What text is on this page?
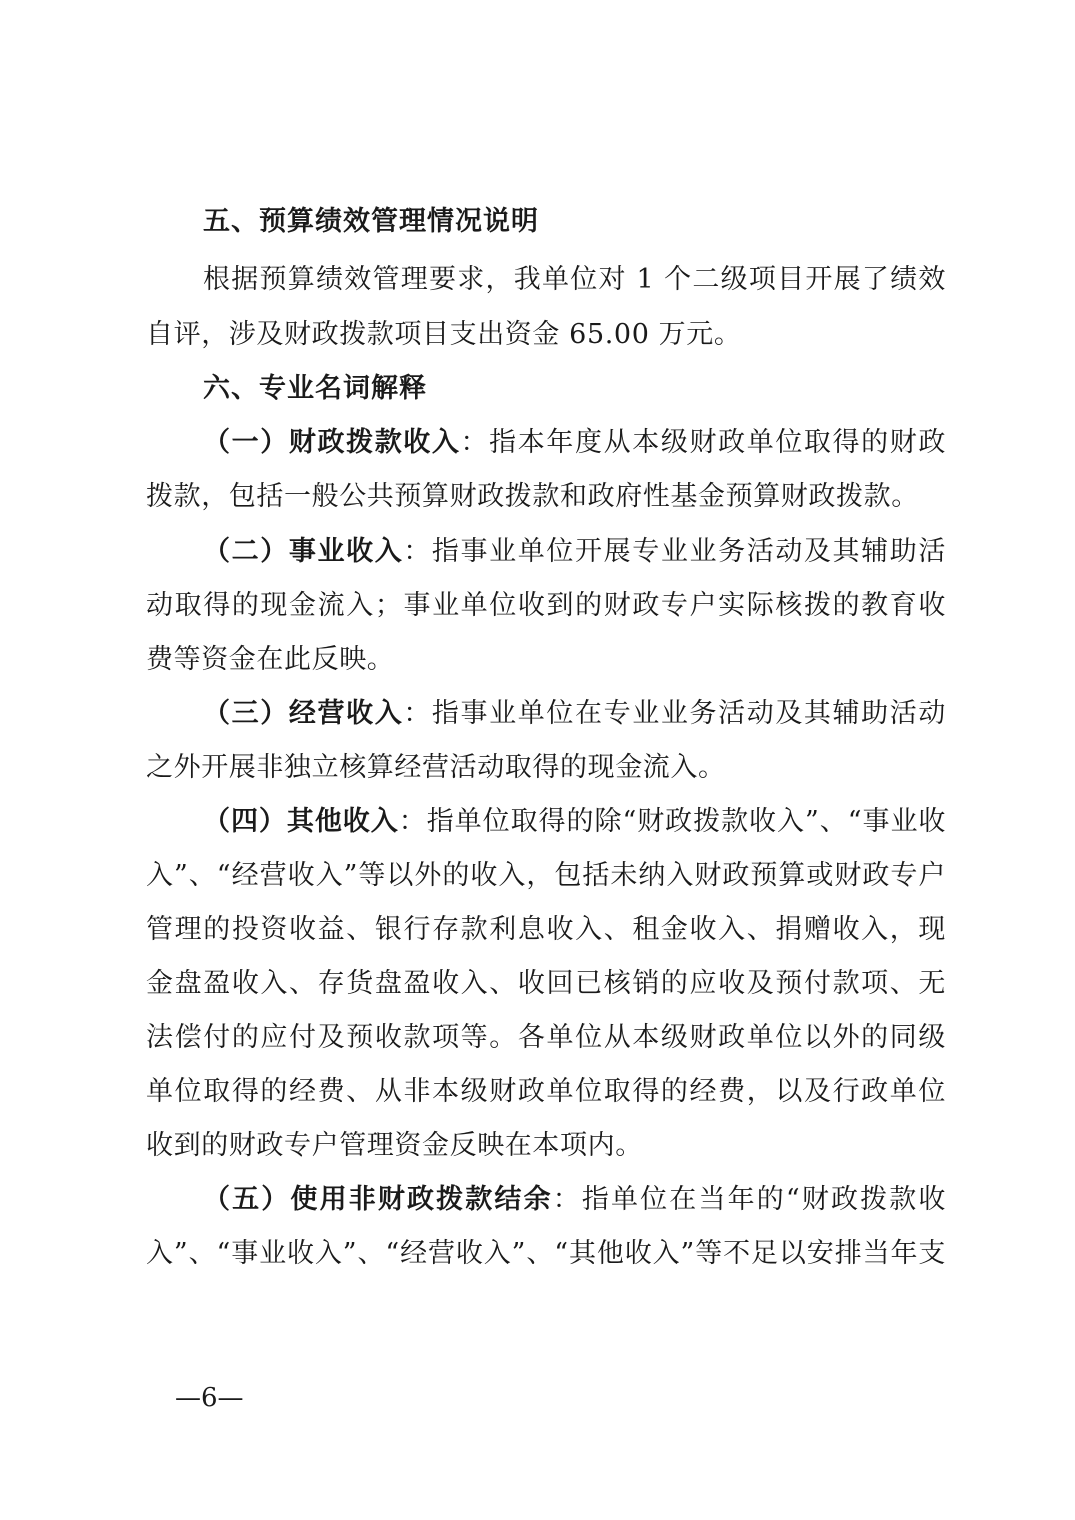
五、预算绩效管理情况说明
根据预算绩效管理要求，我单位对 1 个二级项目开展了绩效
自评，涉及财政拨款项目支出资金 65.00 万元。
六、专业名词解释
（一）财政拨款收入：指本年度从本级财政单位取得的财政
拨款，包括一般公共预算财政拨款和政府性基金预算财政拨款。
（二）事业收入：指事业单位开展专业业务活动及其辅助活
动取得的现金流入；事业单位收到的财政专户实际核拨的教育收
费等资金在此反映。
（三）经营收入：指事业单位在专业业务活动及其辅助活动
之外开展非独立核算经营活动取得的现金流入。
（四）其他收入：指单位取得的除“财政拨款收入”、“事业收
入”、“经营收入”等以外的收入，包括未纳入财政预算或财政专户
管理的投资收益、银行存款利息收入、租金收入、捐赠收入，现
金盘盈收入、存货盘盈收入、收回已核销的应收及预付款项、无
法偿付的应付及预收款项等。各单位从本级财政单位以外的同级
单位取得的经费、从非本级财政单位取得的经费，以及行政单位
收到的财政专户管理资金反映在本项内。
（五）使用非财政拨款结余：指单位在当年的“财政拨款收
入”、“事业收入”、“经营收入”、“其他收入”等不足以安排当年支
—6—
